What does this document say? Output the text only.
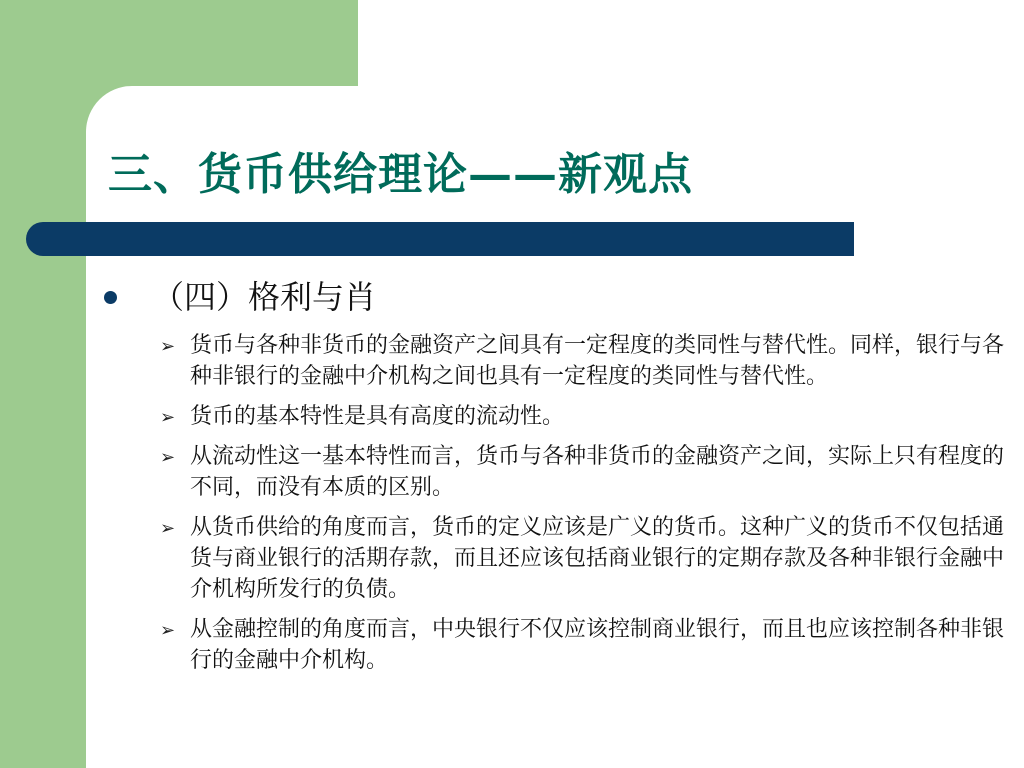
三、货币供给理论——新观点

（四）格利与肖

➢ 货币与各种非货币的金融资产之间具有一定程度的类同性与替代性。同样，银行与各种非银行的金融中介机构之间也具有一定程度的类同性与替代性。
➢ 货币的基本特性是具有高度的流动性。
➢ 从流动性这一基本特性而言，货币与各种非货币的金融资产之间，实际上只有程度的不同，而没有本质的区别。
➢ 从货币供给的角度而言，货币的定义应该是广义的货币。这种广义的货币不仅包括通货与商业银行的活期存款，而且还应该包括商业银行的定期存款及各种非银行金融中介机构所发行的负债。
➢ 从金融控制的角度而言，中央银行不仅应该控制商业银行，而且也应该控制各种非银行的金融中介机构。
